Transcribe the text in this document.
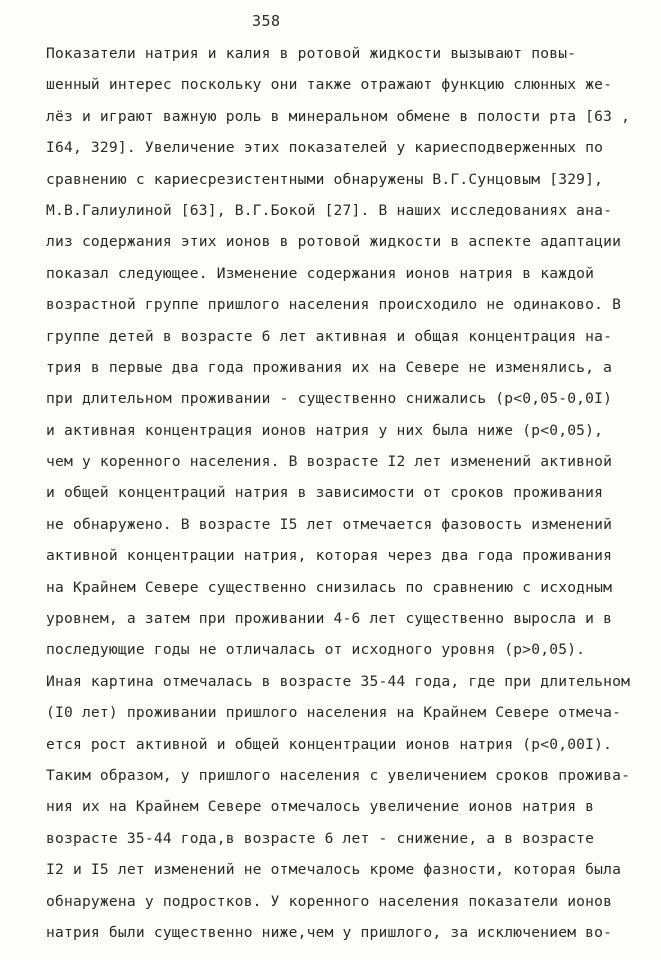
358
Показатели натрия и калия в ротовой жидкости вызывают повы-
шенный интерес поскольку они также отражают функцию слюнных же-
лёз и играют важную роль в минеральном обмене в полости рта [63 ,
I64, 329]. Увеличение этих показателей у кариесподверженных по
сравнению с кариесрезистентными обнаружены В.Г.Сунцовым [329],
М.В.Галиулиной [63], В.Г.Бокой [27]. В наших исследованиях ана-
лиз содержания этих ионов в ротовой жидкости в аспекте адаптации
показал следующее. Изменение содержания ионов натрия в каждой
возрастной группе пришлого населения происходило не одинаково. В
группе детей в возрасте 6 лет активная и общая концентрация на-
трия в первые два года проживания их на Севере не изменялись, а
при длительном проживании - существенно снижались (p<0,05-0,0I)
и активная концентрация ионов натрия у них была ниже (p<0,05),
чем у коренного населения. В возрасте I2 лет изменений активной
и общей концентраций натрия в зависимости от сроков проживания
не обнаружено. В возрасте I5 лет отмечается фазовость изменений
активной концентрации натрия, которая через два года проживания
на Крайнем Севере существенно снизилась по сравнению с исходным
уровнем, а затем при проживании 4-6 лет существенно выросла и в
последующие годы не отличалась от исходного уровня (p>0,05).
Иная картина отмечалась в возрасте 35-44 года, где при длительном
(I0 лет) проживании пришлого населения на Крайнем Севере отмеча-
ется рост активной и общей концентрации ионов натрия (p<0,00I).
Таким образом, у пришлого населения с увеличением сроков прожива-
ния их на Крайнем Севере отмечалось увеличение ионов натрия в
возрасте 35-44 года,в возрасте 6 лет - снижение, а в возрасте
I2 и I5 лет изменений не отмечалось кроме фазности, которая была
обнаружена у подростков. У коренного населения показатели ионов
натрия были существенно ниже,чем у пришлого, за исключением во-
